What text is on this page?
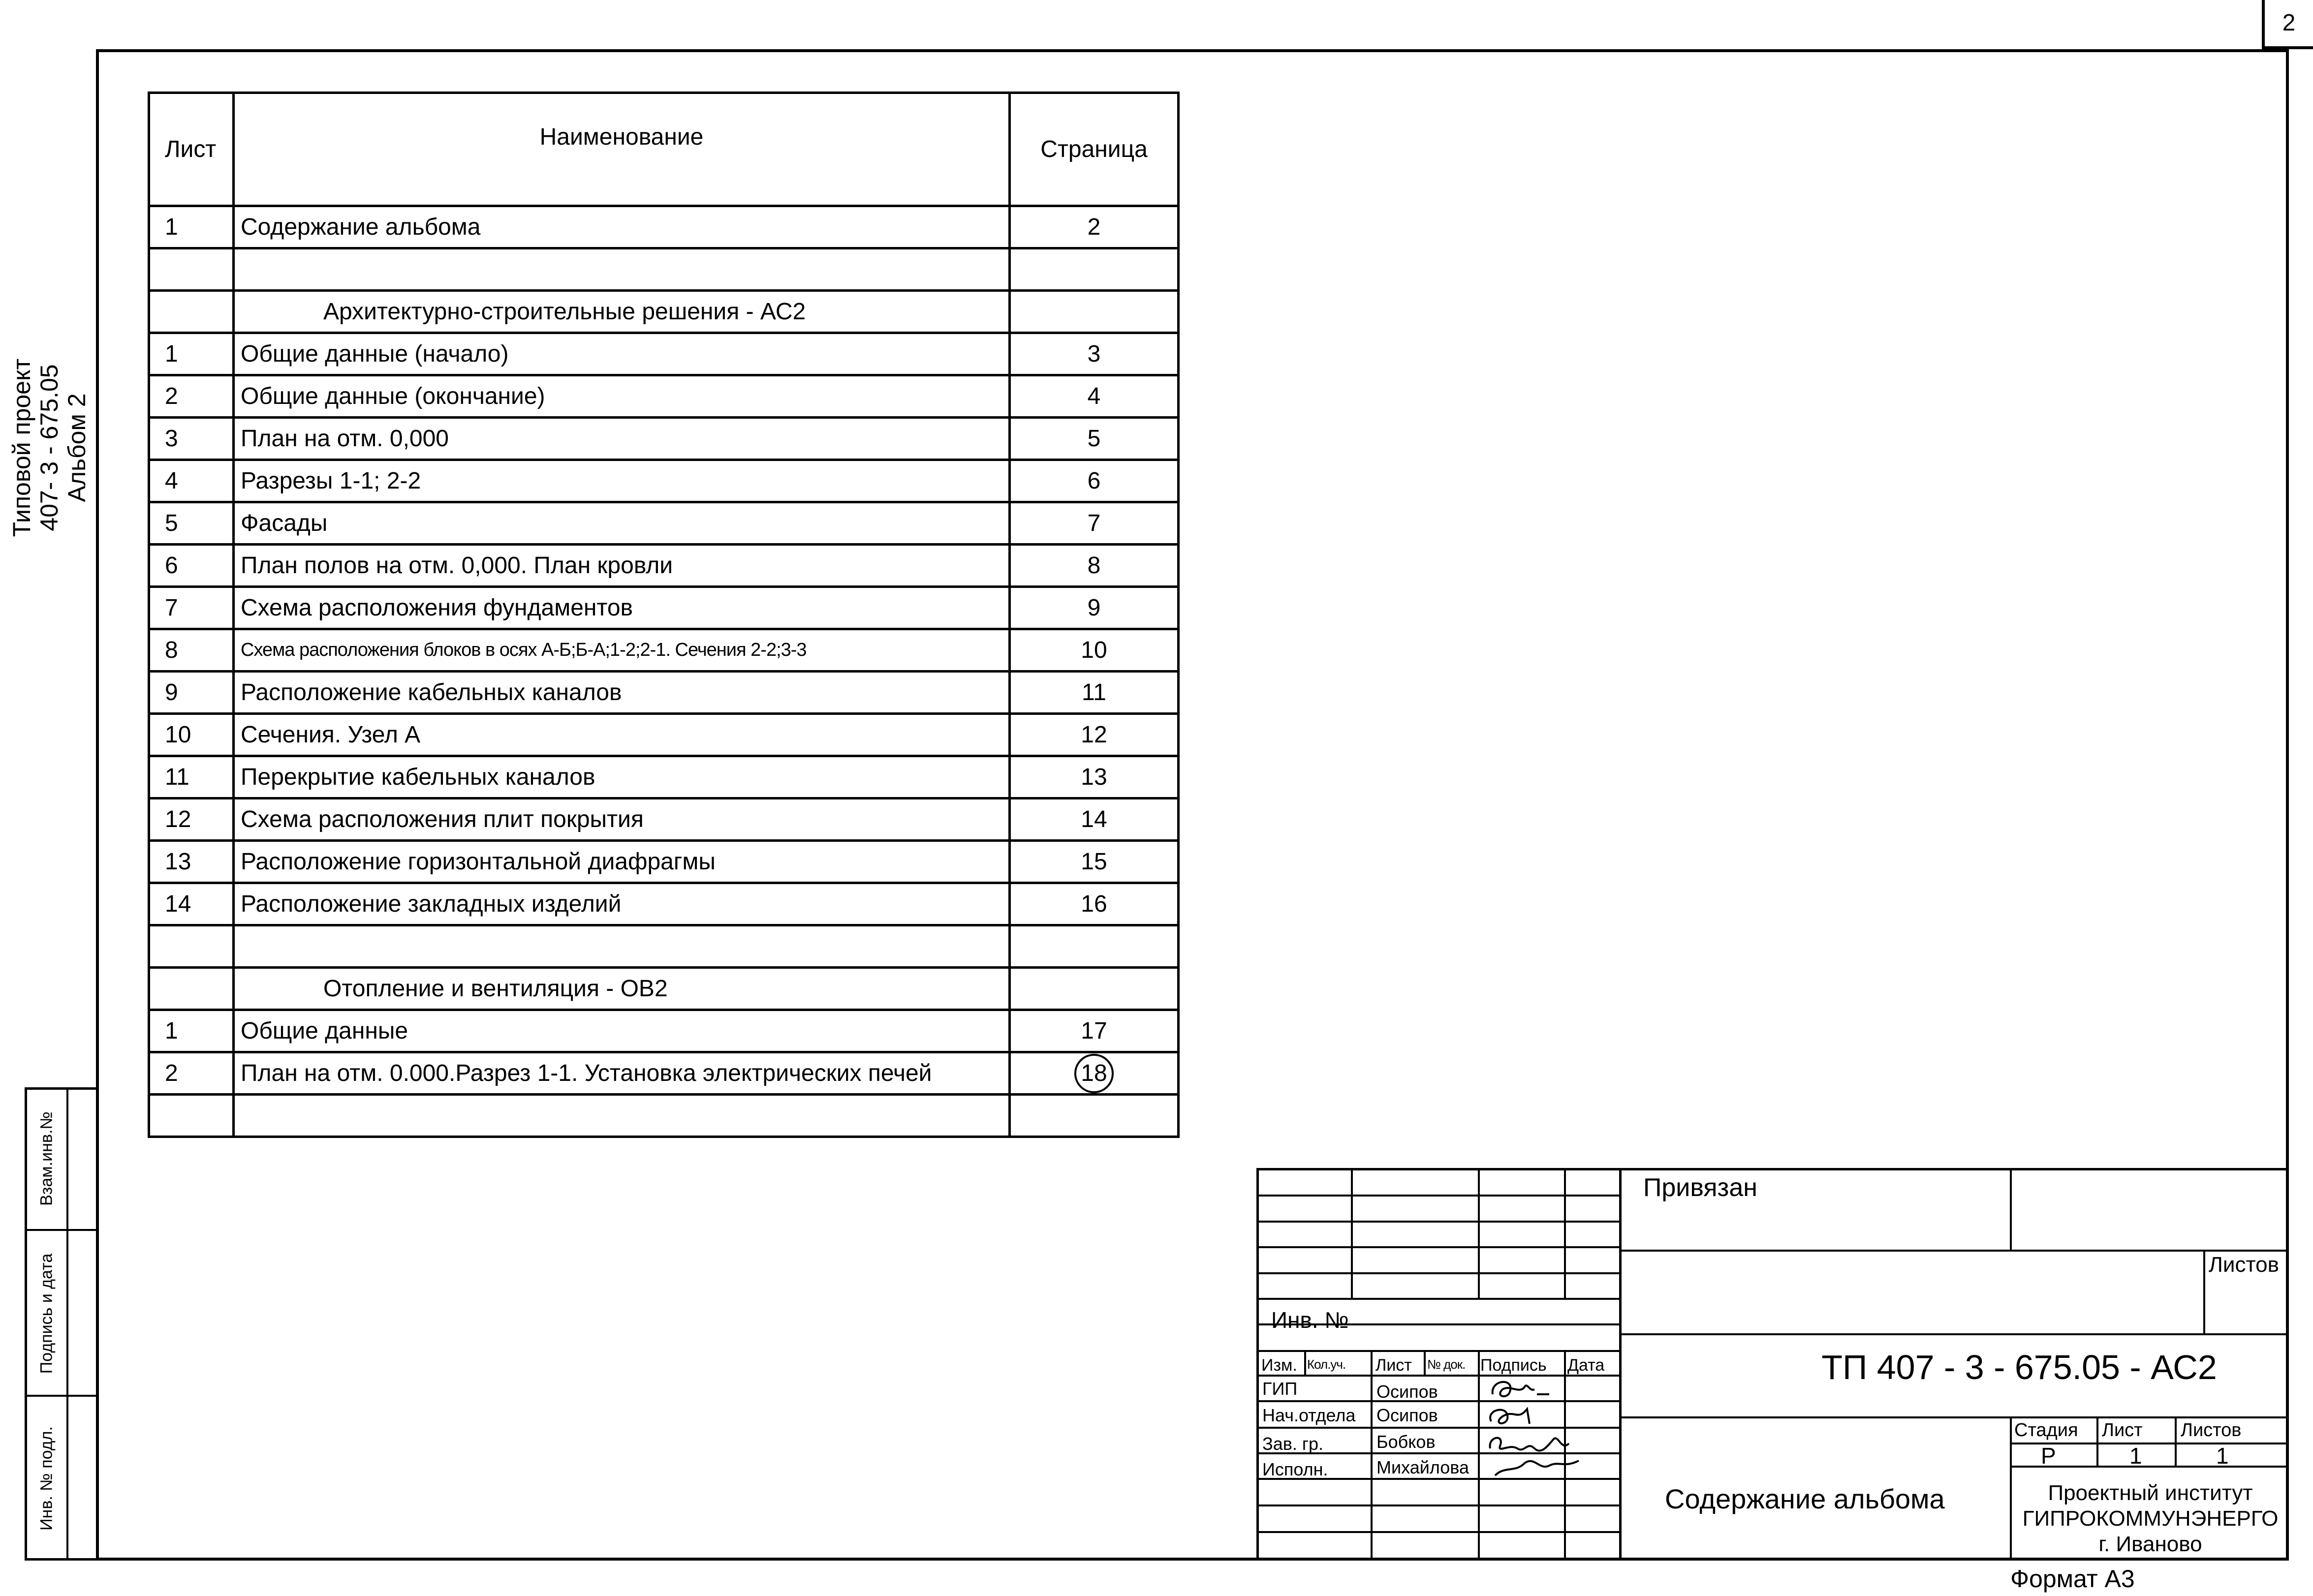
2
Типовой проект 407- 3 - 675.05 Альбом 2
Взам.инв.№
Подпись и дата
Инв. № подл.
Лист	Наименование	Страница
1	Содержание альбома	2

	Архитектурно-строительные решения - АС2	
1	Общие данные (начало)	3
2	Общие данные (окончание)	4
3	План на отм. 0,000	5
4	Разрезы 1-1; 2-2	6
5	Фасады	7
6	План полов на отм. 0,000. План кровли	8
7	Схема расположения фундаментов	9
8	Схема расположения блоков в осях А-Б;Б-А;1-2;2-1. Сечения 2-2;3-3	10
9	Расположение кабельных каналов	11
10	Сечения. Узел А	12
11	Перекрытие кабельных каналов	13
12	Схема расположения плит покрытия	14
13	Расположение горизонтальной диафрагмы	15
14	Расположение закладных изделий	16

	Отопление и вентиляция - ОВ2	
1	Общие данные	17
2	План на отм. 0.000.Разрез 1-1. Установка электрических печей	18

Привязан
Листов
Инв. №
Изм. Кол.уч. Лист № док. Подпись Дата
ГИП	Осипов
Нач.отдела Осипов
Зав. гр.	Бобков
Исполн.	Михайлова
ТП 407 - 3 - 675.05 - АС2
Содержание альбома
Стадия Лист Листов
Р	1	1
Проектный институт
ГИПРОКОММУНЭНЕРГО
г. Иваново
Формат А3
